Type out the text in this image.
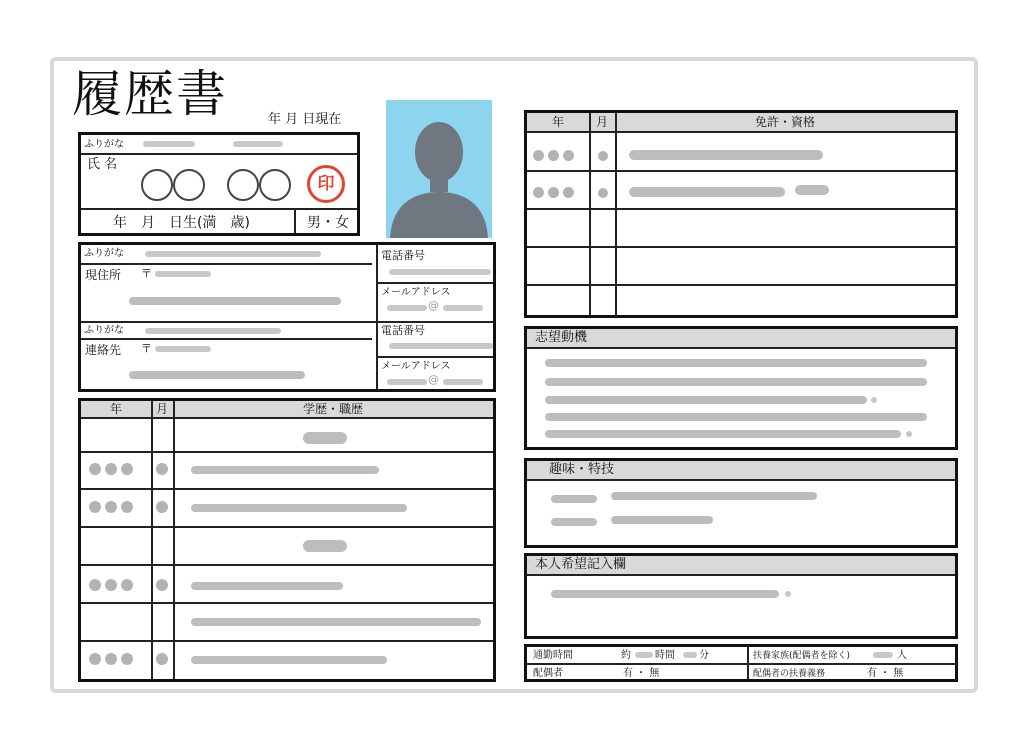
履歴書	年 月 日現在
ふりがな
氏 名
印
年　月　日生(満　歳)	男・女
ふりがな
現住所 〒
電話番号
メールアドレス
@
ふりがな
連絡先 〒
電話番号
メールアドレス
@
年	月	学歴・職歴
年	月	免許・資格
志望動機
趣味・特技
本人希望記入欄
通勤時間	約 時間 分	扶養家族(配偶者を除く)	人
配偶者	有 ・ 無	配偶者の扶養義務	有 ・ 無
